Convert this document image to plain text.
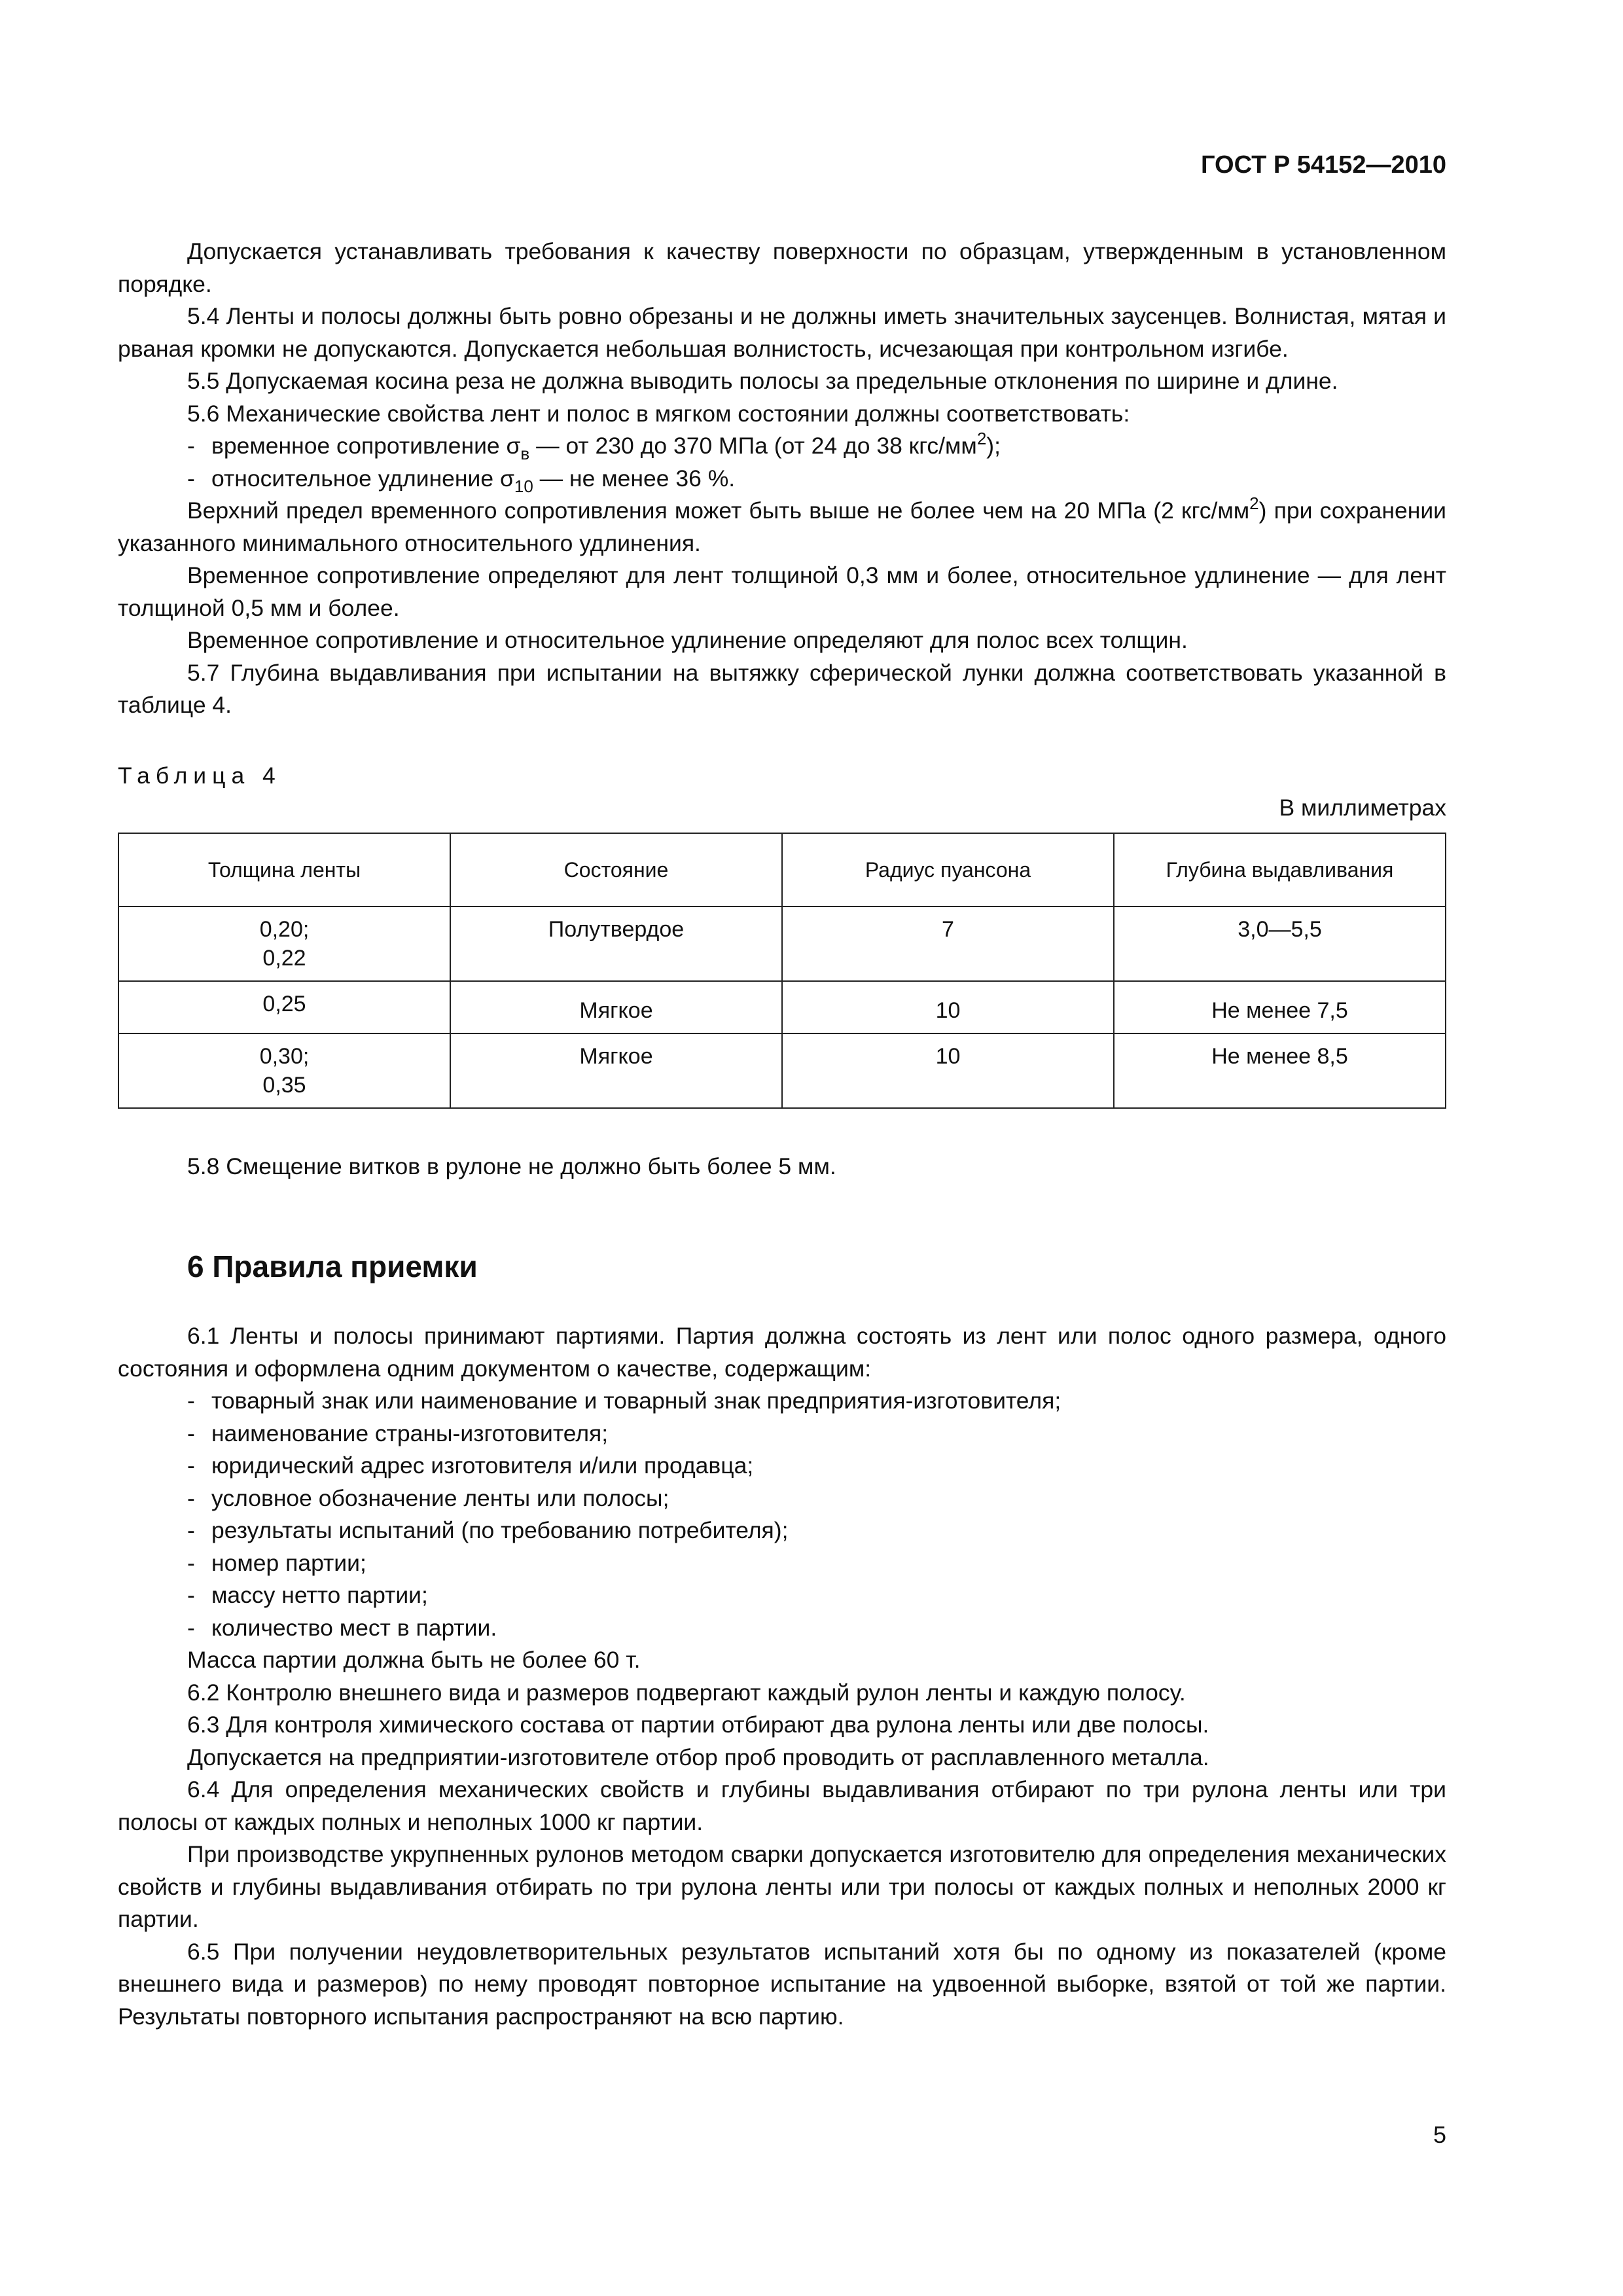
ГОСТ Р 54152—2010

Допускается устанавливать требования к качеству поверхности по образцам, утвержденным в установленном порядке.

5.4 Ленты и полосы должны быть ровно обрезаны и не должны иметь значительных заусенцев. Волнистая, мятая и рваная кромки не допускаются. Допускается небольшая волнистость, исчезающая при контрольном изгибе.

5.5 Допускаемая косина реза не должна выводить полосы за предельные отклонения по ширине и длине.

5.6 Механические свойства лент и полос в мягком состоянии должны соответствовать:

- временное сопротивление $\sigma_в$ — от 230 до 370 МПа (от 24 до 38 кгс/$мм^2$);

- относительное удлинение $\sigma_{10}$ — не менее 36 %.

Верхний предел временного сопротивления может быть выше не более чем на 20 МПа (2 кгс/$мм^2$) при сохранении указанного минимального относительного удлинения.

Временное сопротивление определяют для лент толщиной 0,3 мм и более, относительное удлинение — для лент толщиной 0,5 мм и более.

Временное сопротивление и относительное удлинение определяют для полос всех толщин.

5.7 Глубина выдавливания при испытании на вытяжку сферической лунки должна соответствовать указанной в таблице 4.

Таблица 4

В миллиметрах

Толщина ленты	Состояние	Радиус пуансона	Глубина выдавливания

0,20;
0,22	Полутвердое	7	3,0—5,5
0,25	Мягкое	10	Не менее 7,5

0,30;
0,35	Мягкое	10	Не менее 8,5

5.8 Смещение витков в рулоне не должно быть более 5 мм.

6 Правила приемки

6.1 Ленты и полосы принимают партиями. Партия должна состоять из лент или полос одного размера, одного состояния и оформлена одним документом о качестве, содержащим:

- товарный знак или наименование и товарный знак предприятия-изготовителя;

- наименование страны-изготовителя;

- юридический адрес изготовителя и/или продавца;

- условное обозначение ленты или полосы;

- результаты испытаний (по требованию потребителя);

- номер партии;

- массу нетто партии;

- количество мест в партии.

Масса партии должна быть не более 60 т.

6.2 Контролю внешнего вида и размеров подвергают каждый рулон ленты и каждую полосу.

6.3 Для контроля химического состава от партии отбирают два рулона ленты или две полосы.

Допускается на предприятии-изготовителе отбор проб проводить от расплавленного металла.

6.4 Для определения механических свойств и глубины выдавливания отбирают по три рулона ленты или три полосы от каждых полных и неполных 1000 кг партии.

При производстве укрупненных рулонов методом сварки допускается изготовителю для определения механических свойств и глубины выдавливания отбирать по три рулона ленты или три полосы от каждых полных и неполных 2000 кг партии.

6.5 При получении неудовлетворительных результатов испытаний хотя бы по одному из показателей (кроме внешнего вида и размеров) по нему проводят повторное испытание на удвоенной выборке, взятой от той же партии. Результаты повторного испытания распространяют на всю партию.

5
